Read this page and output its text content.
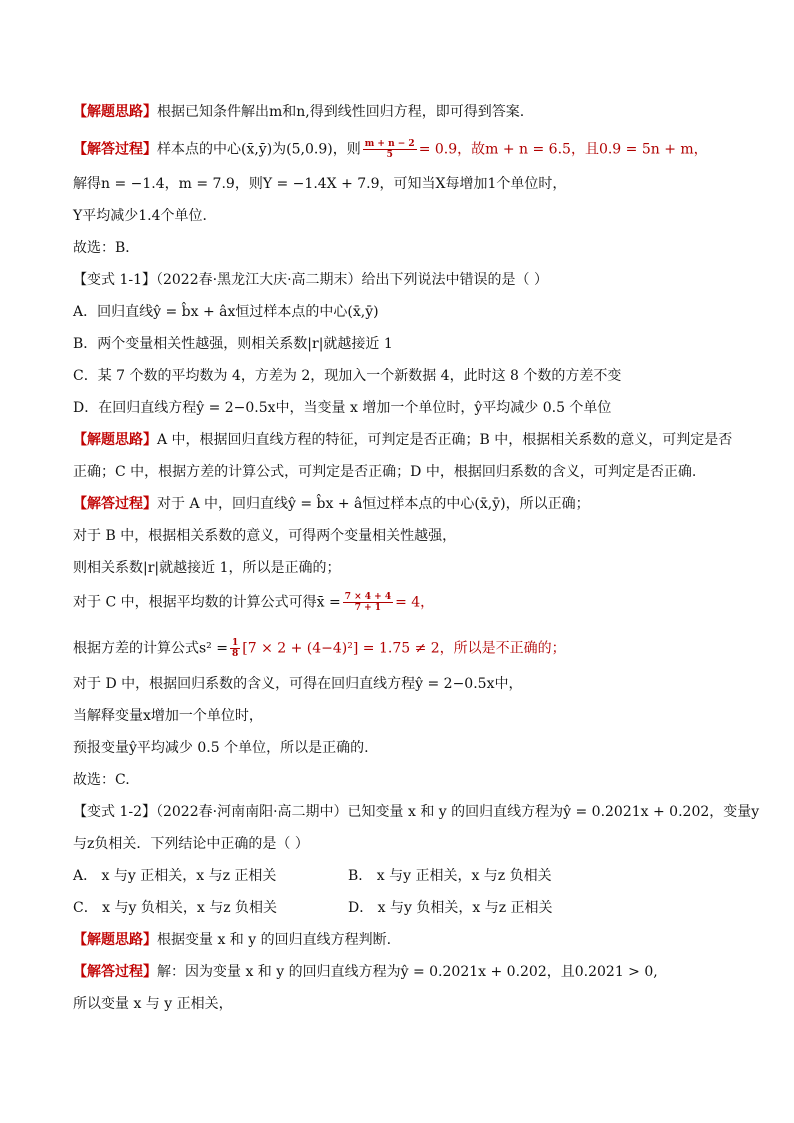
【解题思路】根据已知条件解出m和n,得到线性回归方程，即可得到答案.
【解答过程】样本点的中心(x̄,ȳ)为(5,0.9)，则 $\frac{m + n - 2}{5} = 0.9$，故m + n = 6.5，且0.9 = 5n + m，
解得n = −1.4，m = 7.9，则Y = −1.4X + 7.9，可知当X每增加1个单位时，
Y平均减少1.4个单位．
故选：B．
【变式 1-1】（2022春·黑龙江大庆·高二期末）给出下列说法中错误的是（ ）
A．回归直线ŷ = b̂x + âx恒过样本点的中心(x̄,ȳ)
B．两个变量相关性越强，则相关系数|r|就越接近 1
C．某 7 个数的平均数为 4，方差为 2，现加入一个新数据 4，此时这 8 个数的方差不变
D．在回归直线方程ŷ = 2−0.5x中，当变量 x 增加一个单位时，ŷ平均减少 0.5 个单位
【解题思路】A 中，根据回归直线方程的特征，可判定是否正确；B 中，根据相关系数的意义，可判定是否
正确；C 中，根据方差的计算公式，可判定是否正确；D 中，根据回归系数的含义，可判定是否正确.
【解答过程】对于 A 中，回归直线ŷ = b̂x + â恒过样本点的中心(x̄,ȳ)，所以正确；
对于 B 中，根据相关系数的意义，可得两个变量相关性越强，
则相关系数|r|就越接近 1，所以是正确的；
对于 C 中，根据平均数的计算公式可得x̄ = $\frac{7 \times 4 + 4}{7 + 1} = 4$，
根据方差的计算公式$s^2 = \frac{1}{8} [7 \times 2 + (4-4)^2] = 1.75 \ne 2$，所以是不正确的；
对于 D 中，根据回归系数的含义，可得在回归直线方程ŷ = 2−0.5x中，
当解释变量x增加一个单位时，
预报变量ŷ平均减少 0.5 个单位，所以是正确的.
故选：C.
【变式 1-2】（2022春·河南南阳·高二期中）已知变量 x 和 y 的回归直线方程为ŷ = 0.2021x + 0.202，变量y
与z负相关．下列结论中正确的是（ ）
A． x 与y 正相关，x 与z 正相关	B． x 与y 正相关，x 与z 负相关
C． x 与y 负相关，x 与z 负相关	D． x 与y 负相关，x 与z 正相关
【解题思路】根据变量 x 和 y 的回归直线方程判断.
【解答过程】解：因为变量 x 和 y 的回归直线方程为ŷ = 0.2021x + 0.202，且0.2021 > 0,
所以变量 x 与 y 正相关，
